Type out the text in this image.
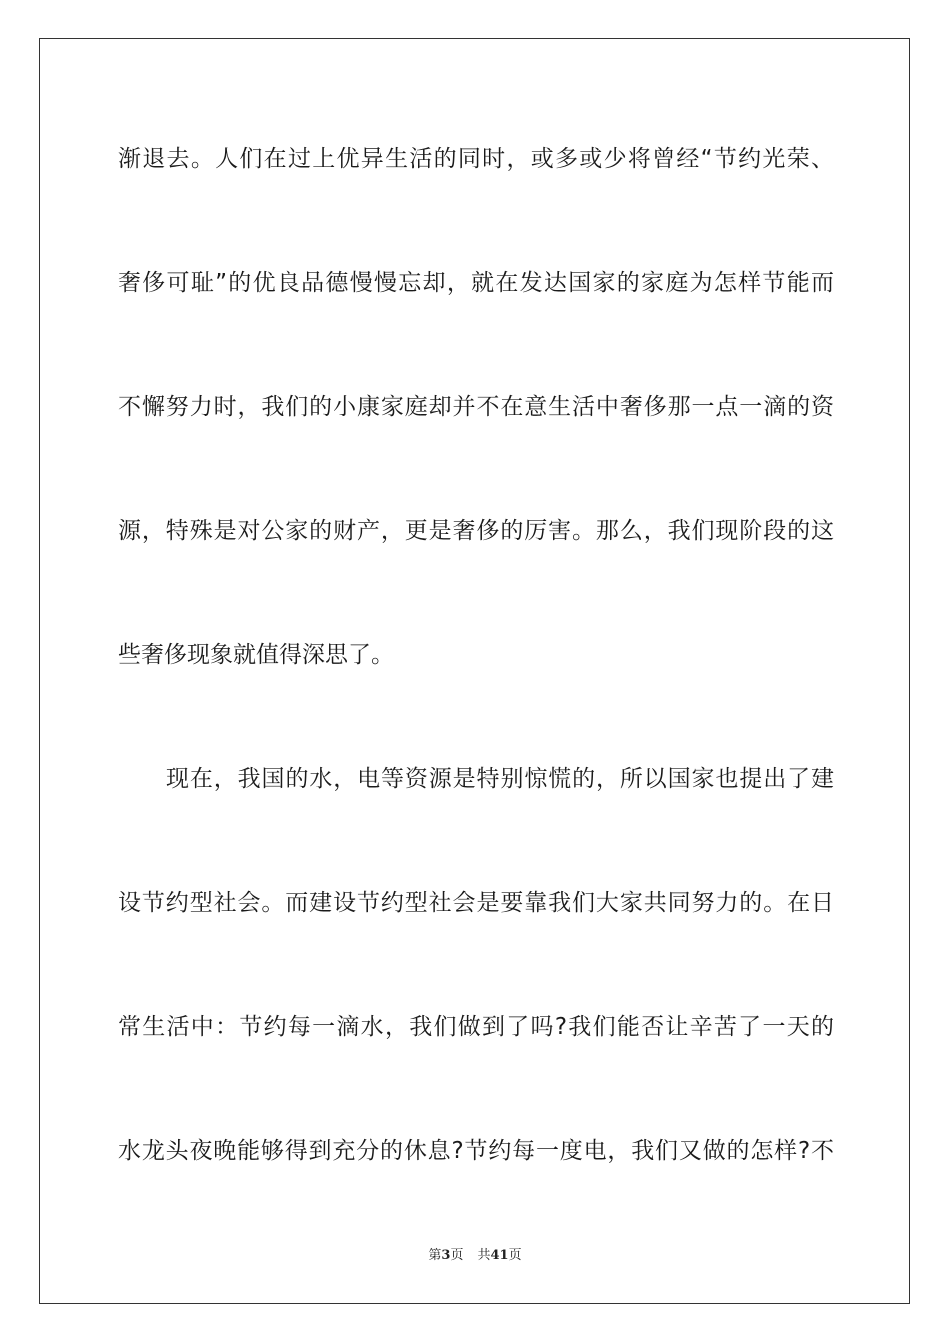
渐退去。人们在过上优异生活的同时，或多或少将曾经“节约光荣、
奢侈可耻”的优良品德慢慢忘却，就在发达国家的家庭为怎样节能而
不懈努力时，我们的小康家庭却并不在意生活中奢侈那一点一滴的资
源，特殊是对公家的财产，更是奢侈的厉害。那么，我们现阶段的这
些奢侈现象就值得深思了。
现在，我国的水，电等资源是特别惊慌的，所以国家也提出了建
设节约型社会。而建设节约型社会是要靠我们大家共同努力的。在日
常生活中：节约每一滴水，我们做到了吗?我们能否让辛苦了一天的
水龙头夜晚能够得到充分的休息?节约每一度电，我们又做的怎样?不
第3页 共41页
